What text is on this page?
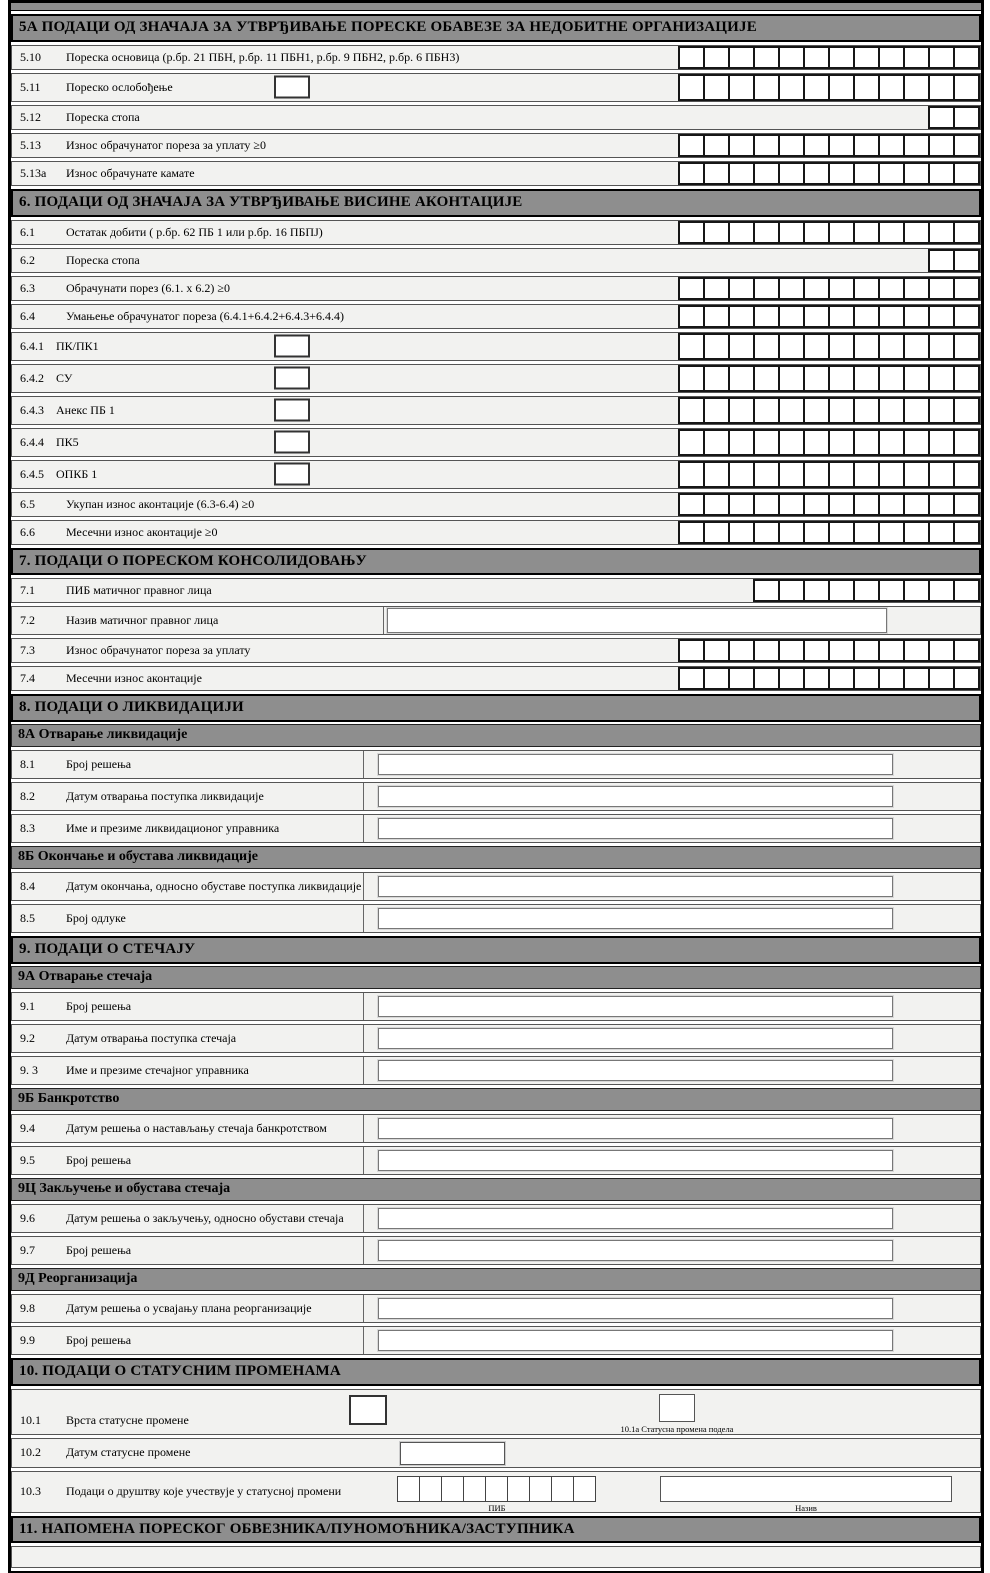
5А ПОДАЦИ ОД ЗНАЧАЈА ЗА УТВРЂИВАЊЕ ПОРЕСКЕ ОБАВЕЗЕ ЗА НЕДОБИТНЕ ОРГАНИЗАЦИЈЕ
5.10	Пореска основица (р.бр. 21 ПБН, р.бр. 11 ПБН1, р.бр. 9 ПБН2, р.бр. 6 ПБН3)
5.11	Пореско ослобођење
5.12	Пореска стопа
5.13	Износ обрачунатог пореза за уплату ≥0
5.13а	Износ обрачунате камате
6. ПОДАЦИ ОД ЗНАЧАЈА ЗА УТВРЂИВАЊЕ ВИСИНЕ АКОНТАЦИЈЕ
6.1	Остатак добити ( р.бр. 62 ПБ 1 или р.бр. 16 ПБПЈ)
6.2	Пореска стопа
6.3	Обрачунати порез (6.1. х 6.2) ≥0
6.4	Умањење обрачунатог пореза (6.4.1+6.4.2+6.4.3+6.4.4)
6.4.1	ПК/ПК1
6.4.2	СУ
6.4.3	Анекс ПБ 1
6.4.4	ПК5
6.4.5	ОПКБ 1
6.5	Укупан износ аконтације (6.3-6.4) ≥0
6.6	Месечни износ аконтације ≥0
7. ПОДАЦИ О ПОРЕСКОМ КОНСОЛИДОВАЊУ
7.1	ПИБ матичног правног лица
7.2	Назив матичног правног лица
7.3	Износ обрачунатог пореза за уплату
7.4	Месечни износ аконтације
8. ПОДАЦИ О ЛИКВИДАЦИЈИ
8А Отварање ликвидације
8.1	Број решења
8.2	Датум отварања поступка ликвидације
8.3	Име и презиме ликвидационог управника
8Б Окончање и обустава ликвидације
8.4	Датум окончања, односно обуставе поступка ликвидације
8.5	Број одлуке
9. ПОДАЦИ О СТЕЧАЈУ
9А Отварање стечаја
9.1	Број решења
9.2	Датум отварања поступка стечаја
9. 3	Име и презиме стечајног управника
9Б Банкротство
9.4	Датум решења о настављању стечаја банкротством
9.5	Број решења
9Ц Закључење и обустава стечаја
9.6	Датум решења о закључењу, односно обустави стечаја
9.7	Број решења
9Д Реорганизација
9.8	Датум решења о усвајању плана реорганизације
9.9	Број решења
10. ПОДАЦИ О СТАТУСНИМ ПРОМЕНАМА
10.1	Врста статусне промене
10.1а Статусна промена подела
10.2	Датум статусне промене
10.3	Подаци о друштву које учествује у статусној промени
ПИБ	Назив
11. НАПОМЕНА ПОРЕСКОГ ОБВЕЗНИКА/ПУНОМОЋНИКА/ЗАСТУПНИКА
